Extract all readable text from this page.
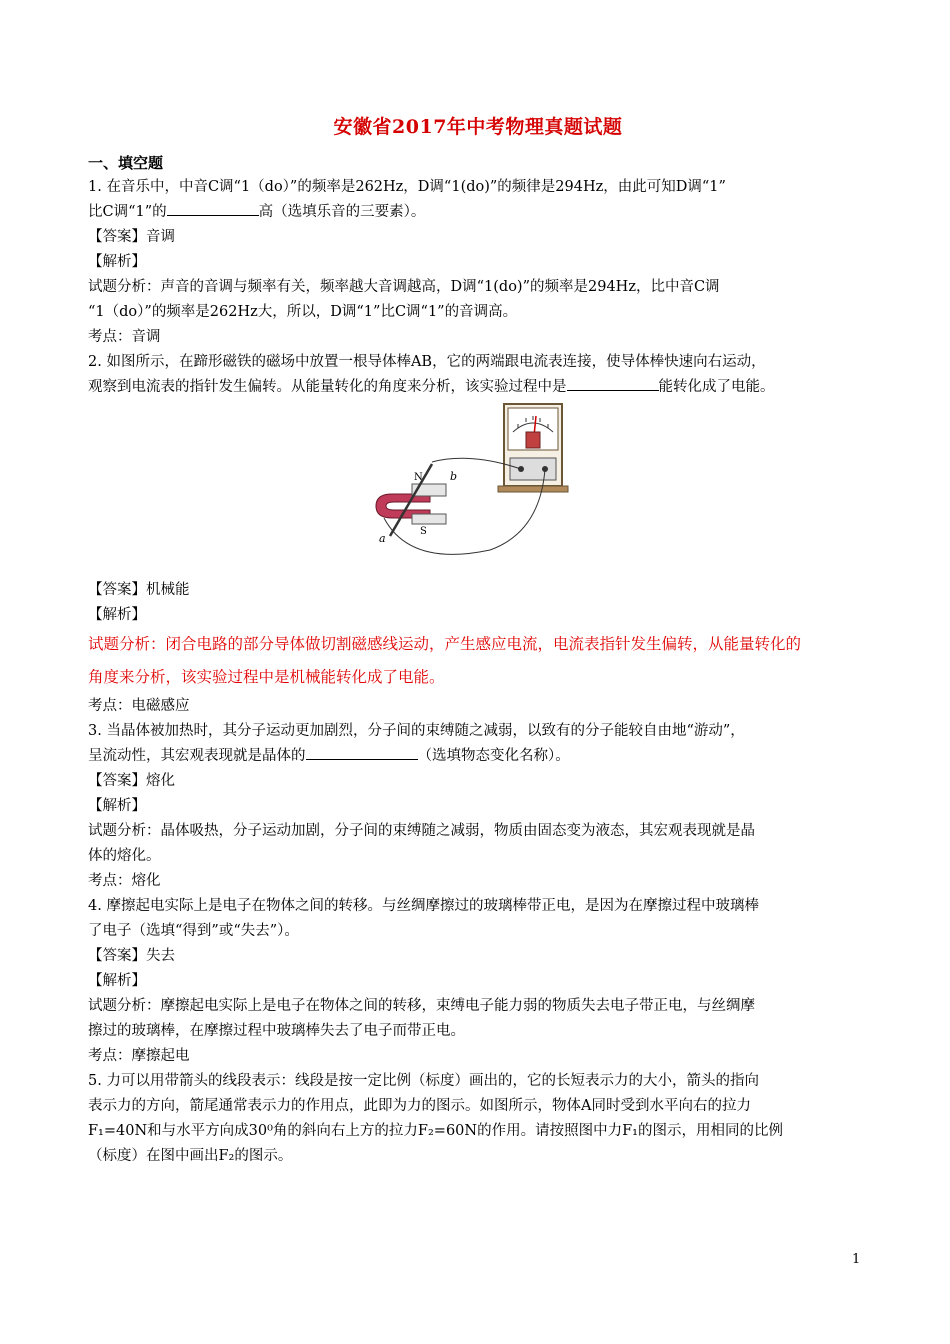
安徽省2017年中考物理真题试题

一、填空题

1. 在音乐中，中音C调“1（do）”的频率是262Hz，D调“1(do)”的频律是294Hz，由此可知D调“1”

比C调“1”的	高（选填乐音的三要素）。

【答案】音调

【解析】

试题分析：声音的音调与频率有关，频率越大音调越高，D调“1(do)”的频率是294Hz，比中音C调

“1（do）”的频率是262Hz大，所以，D调“1”比C调“1”的音调高。

考点：音调

2. 如图所示，在蹄形磁铁的磁场中放置一根导体棒AB，它的两端跟电流表连接，使导体棒快速向右运动，

观察到电流表的指针发生偏转。从能量转化的角度来分析，该实验过程中是	能转化成了电能。

N
S
a
b

【答案】机械能

【解析】

试题分析：闭合电路的部分导体做切割磁感线运动，产生感应电流，电流表指针发生偏转，从能量转化的

角度来分析，该实验过程中是机械能转化成了电能。

考点：电磁感应

3. 当晶体被加热时，其分子运动更加剧烈，分子间的束缚随之减弱，以致有的分子能较自由地“游动”，

呈流动性，其宏观表现就是晶体的	（选填物态变化名称）。

【答案】熔化

【解析】

试题分析：晶体吸热，分子运动加剧，分子间的束缚随之减弱，物质由固态变为液态，其宏观表现就是晶

体的熔化。

考点：熔化

4. 摩擦起电实际上是电子在物体之间的转移。与丝绸摩擦过的玻璃棒带正电，是因为在摩擦过程中玻璃棒

了电子（选填“得到”或“失去”）。

【答案】失去

【解析】

试题分析：摩擦起电实际上是电子在物体之间的转移，束缚电子能力弱的物质失去电子带正电，与丝绸摩

擦过的玻璃棒，在摩擦过程中玻璃棒失去了电子而带正电。

考点：摩擦起电

5. 力可以用带箭头的线段表示：线段是按一定比例（标度）画出的，它的长短表示力的大小，箭头的指向

表示力的方向，箭尾通常表示力的作用点，此即为力的图示。如图所示，物体A同时受到水平向右的拉力

F₁=40N和与水平方向成30⁰角的斜向右上方的拉力F₂=60N的作用。请按照图中力F₁的图示，用相同的比例

（标度）在图中画出F₂的图示。

1
